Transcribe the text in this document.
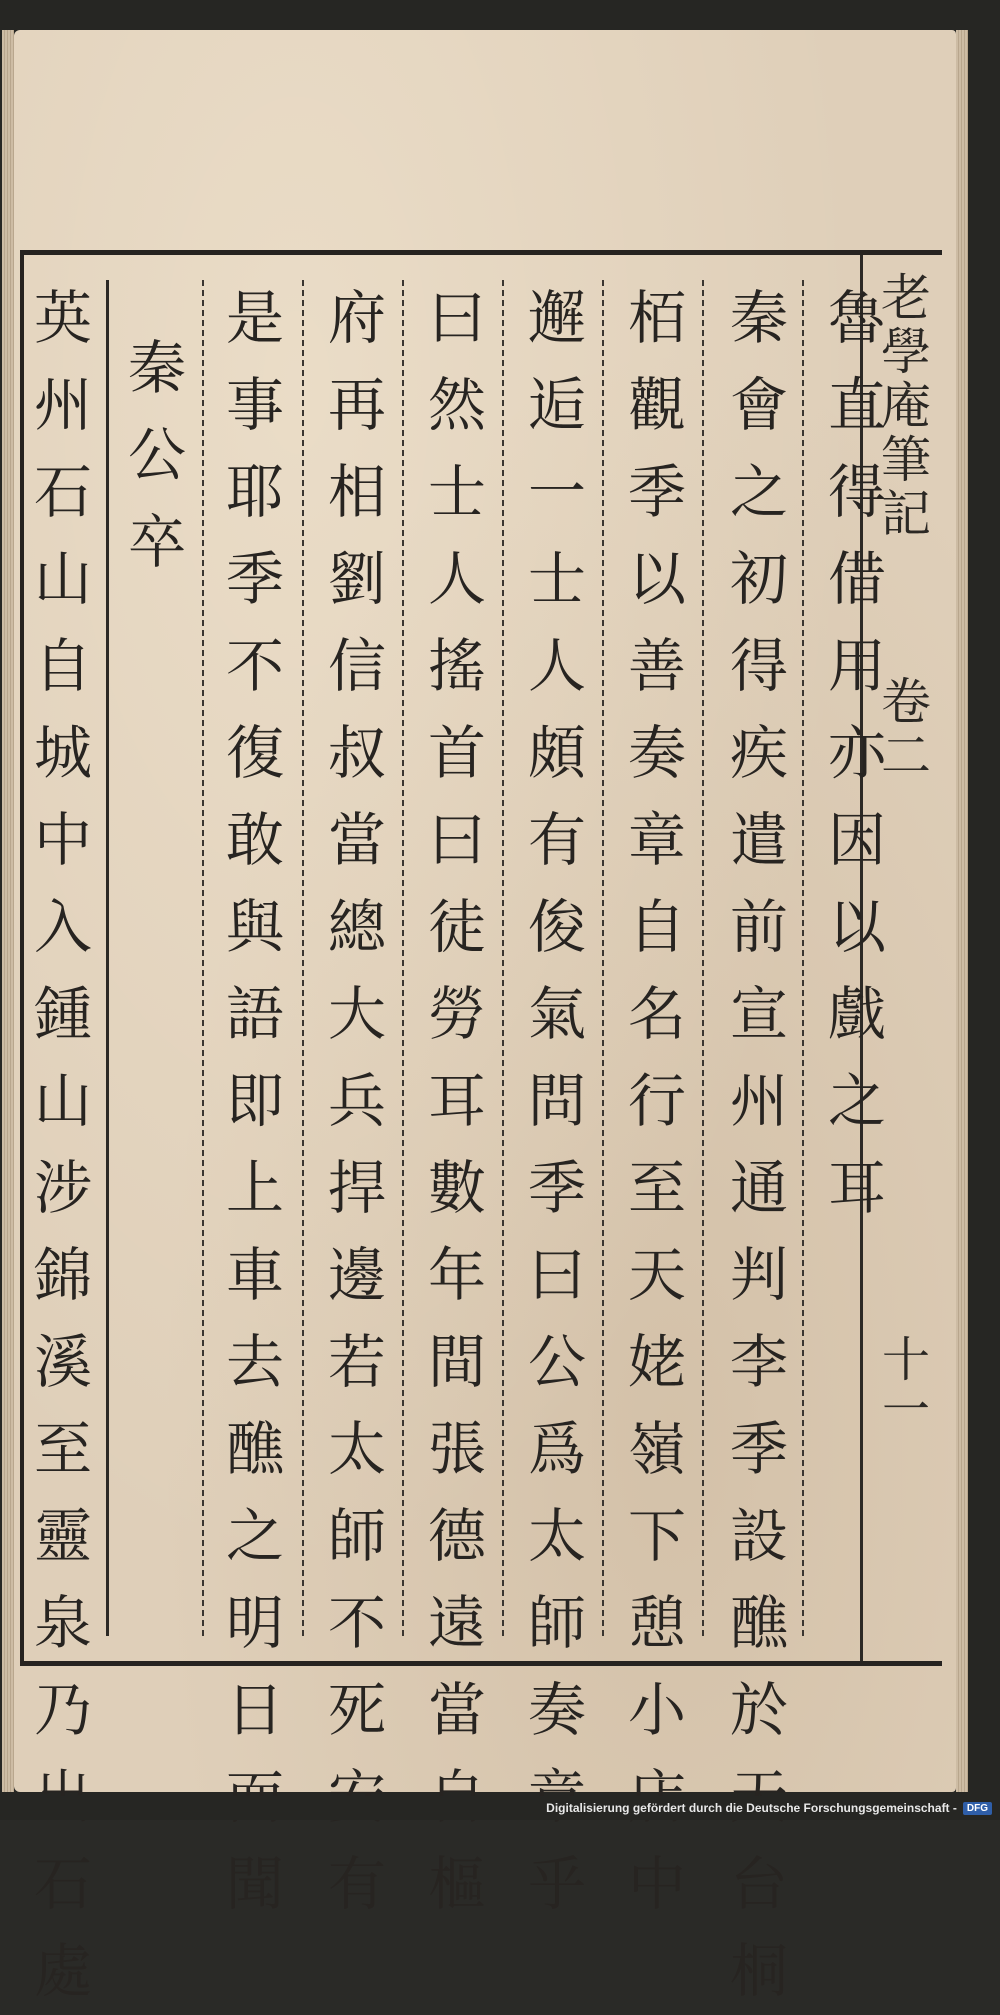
老學庵筆記
卷二
十一
魯
直
得
借
用
亦
因
以
戲
之
耳
秦
會
之
初
得
疾
遣
前
宣
州
通
判
李
季
設
醮
於
台
桐
栢
觀
季
以
善
奏
章
自
名
行
至
天
姥
嶺
下
憩
小
中
邂
逅
一
士
人
頗
有
俊
氣
問
季
曰
公
爲
太
師
奏
乎
曰
然
士
人
搖
首
曰
徒
勞
耳
數
年
間
張
德
遠
當
樞
府
再
相
劉
信
叔
當
總
大
兵
捍
邊
若
太
師
不
死
有
是
事
耶
季
不
復
敢
與
語
即
上
車
去
醮
之
明
日
聞
秦
公
卒
英
州
石
山
自
城
中
入
鍾
山
涉
錦
溪
至
靈
泉
乃
石
處
Digitalisierung gefördert durch die Deutsche Forschungsgemeinschaft -	DFG
